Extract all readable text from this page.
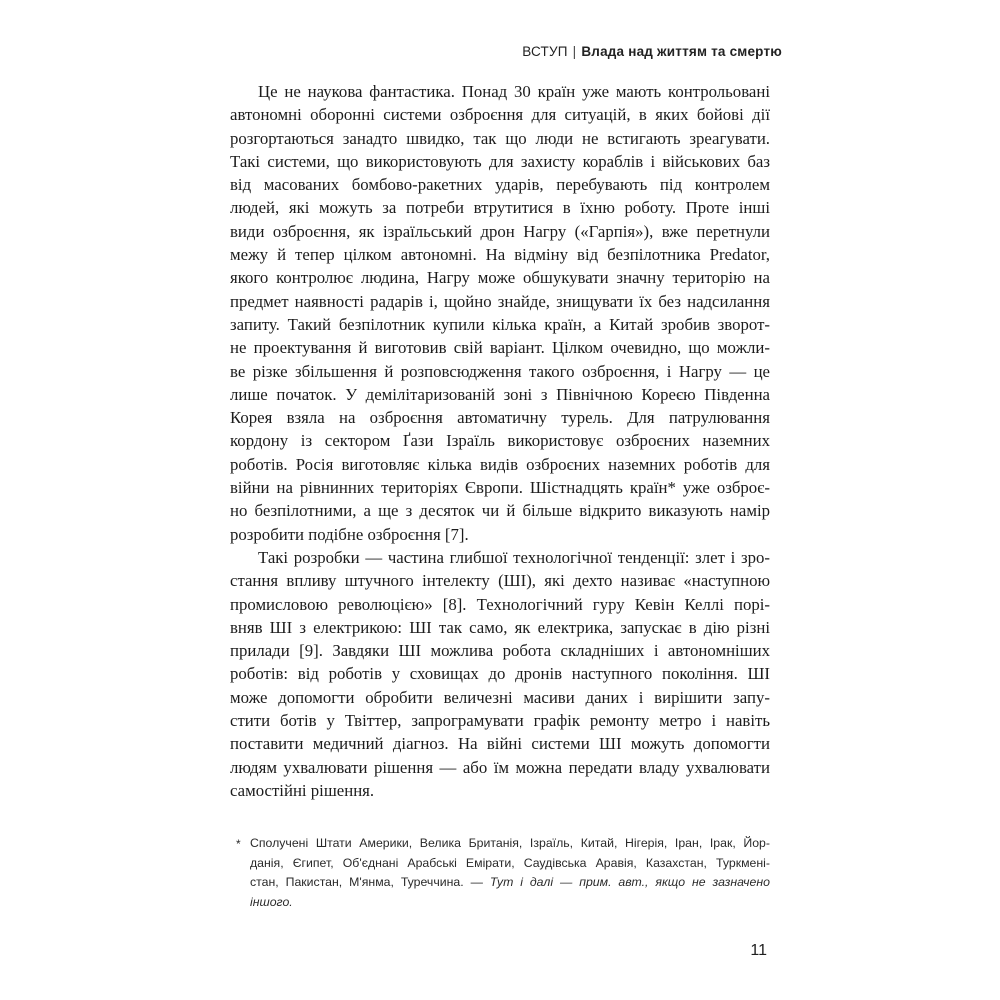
ВСТУП | Влада над життям та смертю
Це не наукова фантастика. Понад 30 країн уже мають контрольовані
автономні оборонні системи озброєння для ситуацій, в яких бойові дії
розгортаються занадто швидко, так що люди не встигають зреагувати.
Такі системи, що використовують для захисту кораблів і військових баз
від масованих бомбово-ракетних ударів, перебувають під контролем
людей, які можуть за потреби втрутитися в їхню роботу. Проте інші
види озброєння, як ізраїльський дрон Нагру («Гарпія»), вже перетнули
межу й тепер цілком автономні. На відміну від безпілотника Predator,
якого контролює людина, Нагру може обшукувати значну територію на
предмет наявності радарів і, щойно знайде, знищувати їх без надсилання
запиту. Такий безпілотник купили кілька країн, а Китай зробив зворот-
не проектування й виготовив свій варіант. Цілком очевидно, що можли-
ве різке збільшення й розповсюдження такого озброєння, і Нагру — це
лише початок. У демілітаризованій зоні з Північною Кореєю Південна
Корея взяла на озброєння автоматичну турель. Для патрулювання
кордону із сектором Ґази Ізраїль використовує озброєних наземних
роботів. Росія виготовляє кілька видів озброєних наземних роботів для
війни на рівнинних територіях Європи. Шістнадцять країн* уже озброє-
но безпілотними, а ще з десяток чи й більше відкрито виказують намір
розробити подібне озброєння [7].
Такі розробки — частина глибшої технологічної тенденції: злет і зро-
стання впливу штучного інтелекту (ШІ), які дехто називає «наступною
промисловою революцією» [8]. Технологічний гуру Кевін Келлі порі-
вняв ШІ з електрикою: ШІ так само, як електрика, запускає в дію різні
прилади [9]. Завдяки ШІ можлива робота складніших і автономніших
роботів: від роботів у сховищах до дронів наступного покоління. ШІ
може допомогти обробити величезні масиви даних і вирішити запу-
стити ботів у Твіттер, запрограмувати графік ремонту метро і навіть
поставити медичний діагноз. На війні системи ШІ можуть допомогти
людям ухвалювати рішення — або їм можна передати владу ухвалювати
самостійні рішення.
* Сполучені Штати Америки, Велика Британія, Ізраїль, Китай, Нігерія, Іран, Ірак, Йор-
данія, Єгипет, Об'єднані Арабські Емірати, Саудівська Аравія, Казахстан, Туркмені-
стан, Пакистан, М'янма, Туреччина. — Тут і далі — прим. авт., якщо не зазначено
іншого.
11
